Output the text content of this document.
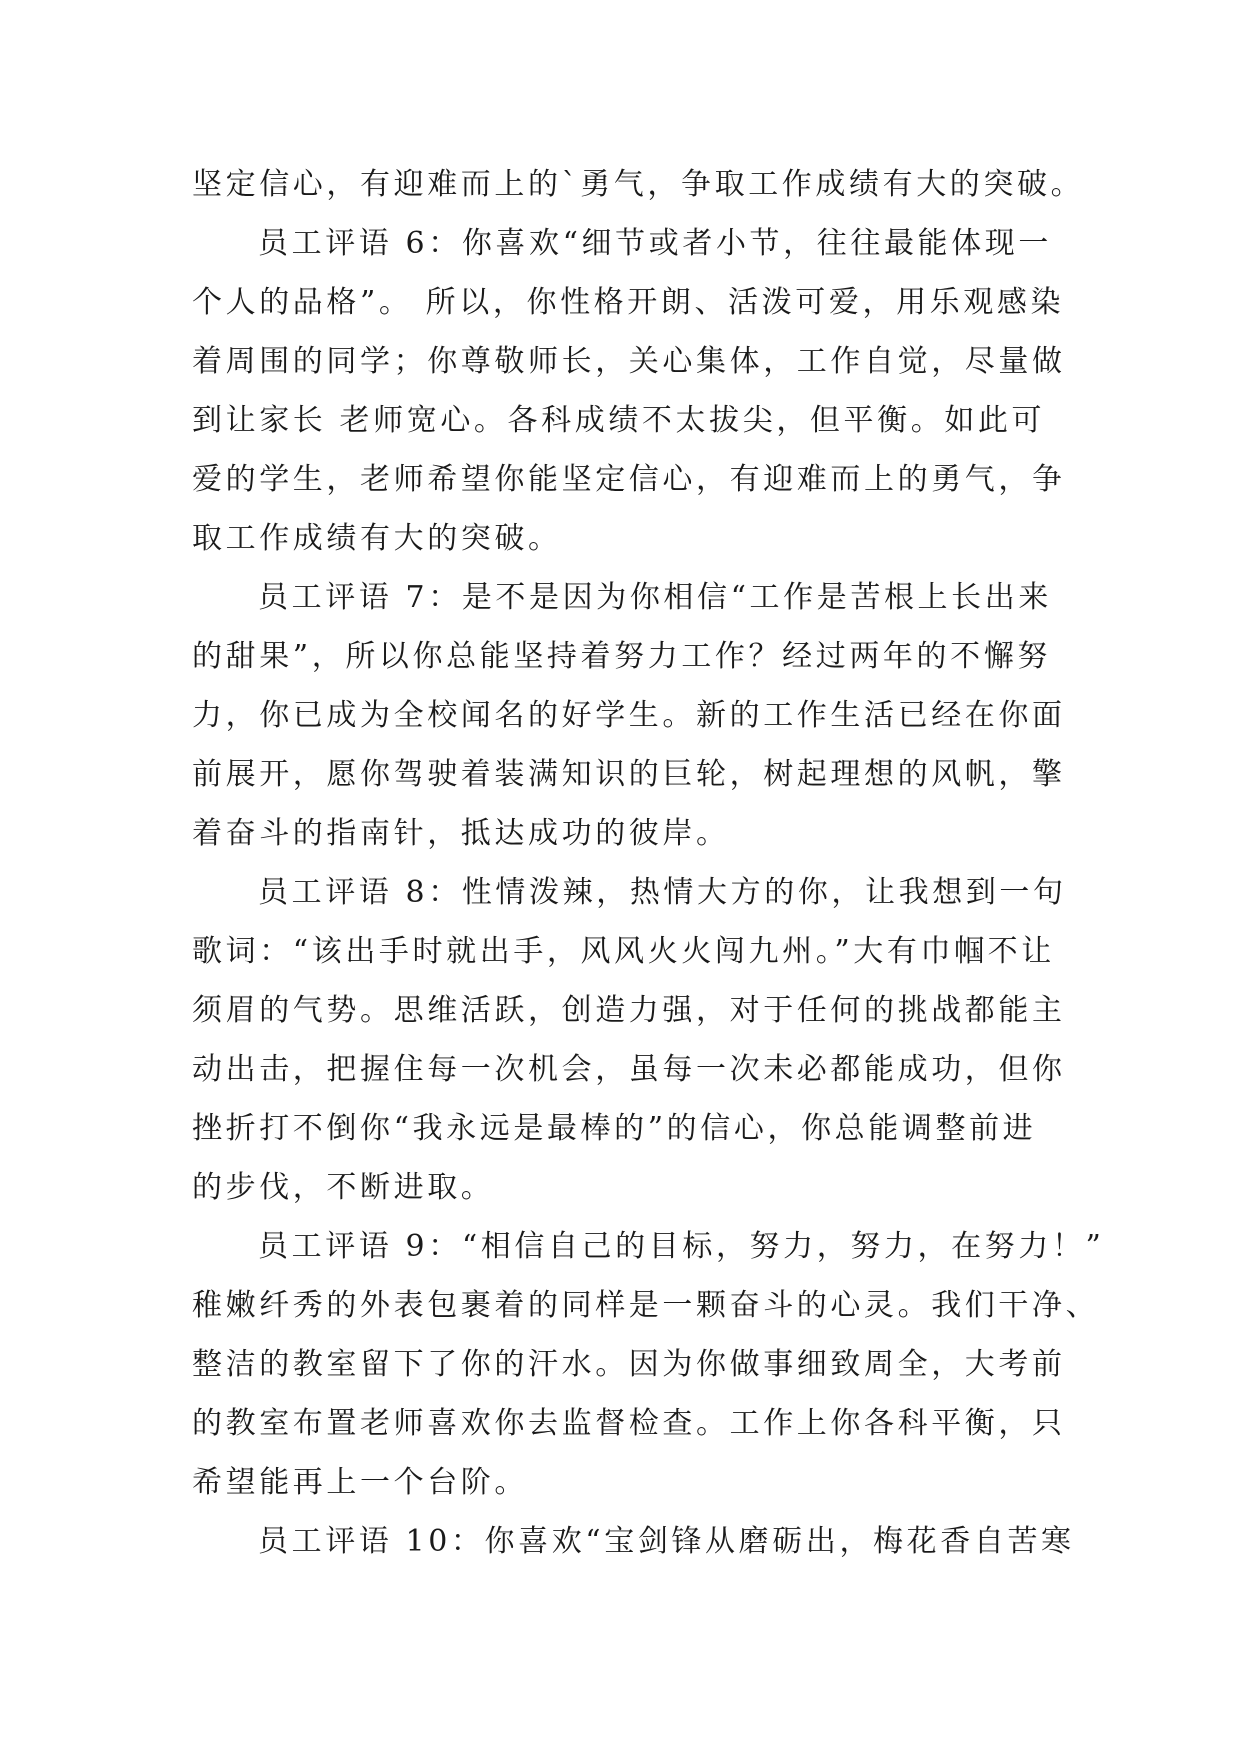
坚定信心，有迎难而上的`勇气，争取工作成绩有大的突破。
员工评语 6：你喜欢“细节或者小节，往往最能体现一
个人的品格”。 所以，你性格开朗、活泼可爱，用乐观感染
着周围的同学；你尊敬师长，关心集体，工作自觉，尽量做
到让家长 老师宽心。各科成绩不太拔尖，但平衡。如此可
爱的学生，老师希望你能坚定信心，有迎难而上的勇气，争
取工作成绩有大的突破。
员工评语 7：是不是因为你相信“工作是苦根上长出来
的甜果”，所以你总能坚持着努力工作？经过两年的不懈努
力，你已成为全校闻名的好学生。新的工作生活已经在你面
前展开，愿你驾驶着装满知识的巨轮，树起理想的风帆，擎
着奋斗的指南针，抵达成功的彼岸。
员工评语 8：性情泼辣，热情大方的你，让我想到一句
歌词：“该出手时就出手，风风火火闯九州。”大有巾帼不让
须眉的气势。思维活跃，创造力强，对于任何的挑战都能主
动出击，把握住每一次机会，虽每一次未必都能成功，但你
挫折打不倒你“我永远是最棒的”的信心，你总能调整前进
的步伐，不断进取。
员工评语 9：“相信自己的目标，努力，努力，在努力！”
稚嫩纤秀的外表包裹着的同样是一颗奋斗的心灵。我们干净、
整洁的教室留下了你的汗水。因为你做事细致周全，大考前
的教室布置老师喜欢你去监督检查。工作上你各科平衡，只
希望能再上一个台阶。
员工评语 10：你喜欢“宝剑锋从磨砺出，梅花香自苦寒
